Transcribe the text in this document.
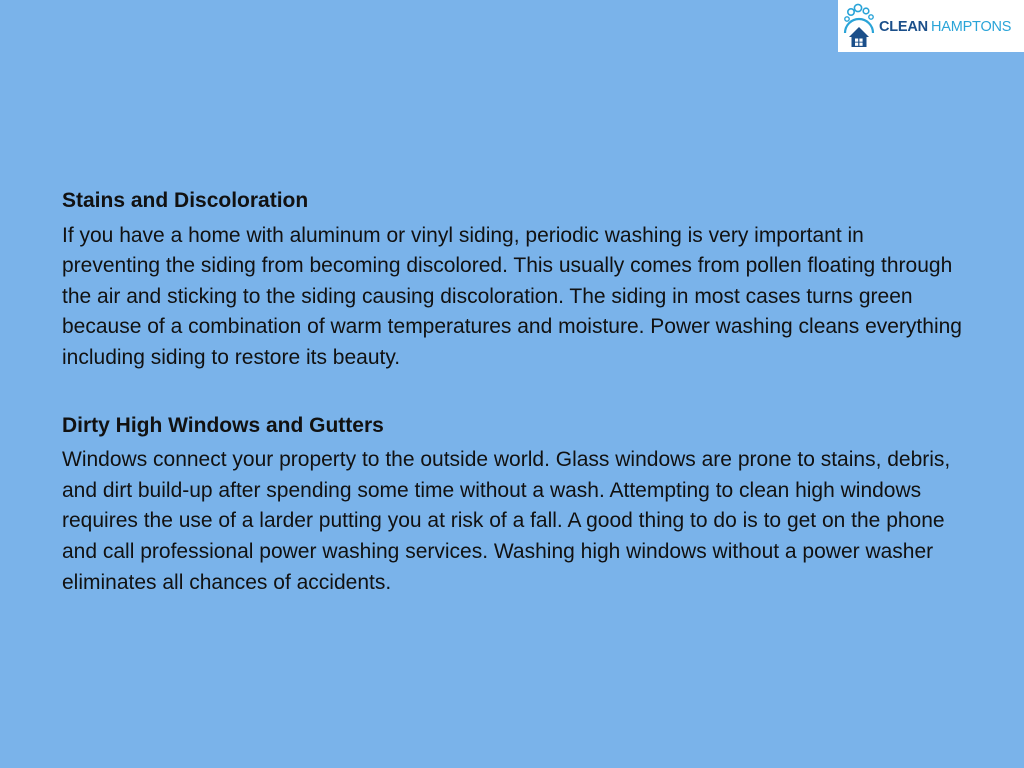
CLEAN HAMPTONS

Stains and Discoloration

If you have a home with aluminum or vinyl siding, periodic washing is very important in preventing the siding from becoming discolored. This usually comes from pollen floating through the air and sticking to the siding causing discoloration. The siding in most cases turns green because of a combination of warm temperatures and moisture. Power washing cleans everything including siding to restore its beauty.

Dirty High Windows and Gutters

Windows connect your property to the outside world. Glass windows are prone to stains, debris, and dirt build-up after spending some time without a wash. Attempting to clean high windows requires the use of a larder putting you at risk of a fall. A good thing to do is to get on the phone and call professional power washing services. Washing high windows without a power washer eliminates all chances of accidents.
